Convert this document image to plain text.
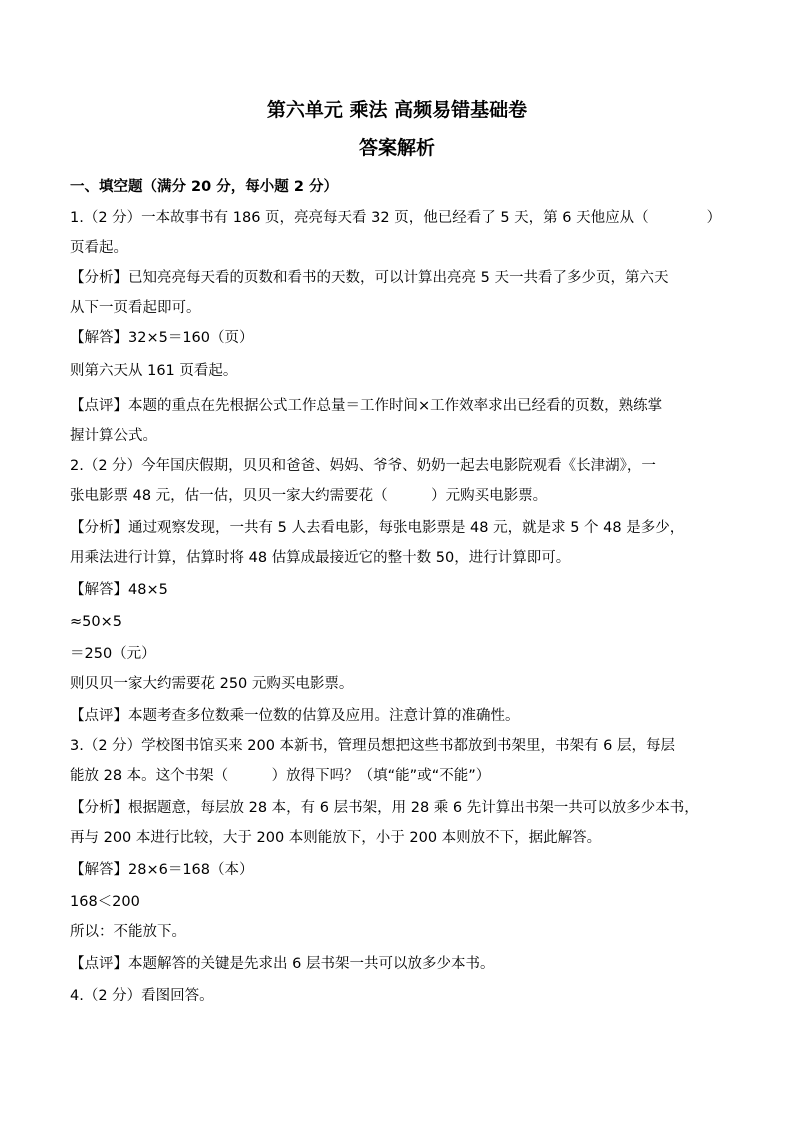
第六单元 乘法 高频易错基础卷
答案解析
一、填空题（满分 20 分，每小题 2 分）
1.（2 分）一本故事书有 186 页，亮亮每天看 32 页，他已经看了 5 天，第 6 天他应从（　　　　）
页看起。
【分析】已知亮亮每天看的页数和看书的天数，可以计算出亮亮 5 天一共看了多少页，第六天
从下一页看起即可。
【解答】32×5＝160（页）
则第六天从 161 页看起。
【点评】本题的重点在先根据公式工作总量＝工作时间×工作效率求出已经看的页数，熟练掌
握计算公式。
2.（2 分）今年国庆假期，贝贝和爸爸、妈妈、爷爷、奶奶一起去电影院观看《长津湖》，一
张电影票 48 元，估一估，贝贝一家大约需要花（　　　）元购买电影票。
【分析】通过观察发现，一共有 5 人去看电影，每张电影票是 48 元，就是求 5 个 48 是多少，
用乘法进行计算，估算时将 48 估算成最接近它的整十数 50，进行计算即可。
【解答】48×5
≈50×5
＝250（元）
则贝贝一家大约需要花 250 元购买电影票。
【点评】本题考查多位数乘一位数的估算及应用。注意计算的准确性。
3.（2 分）学校图书馆买来 200 本新书，管理员想把这些书都放到书架里，书架有 6 层，每层
能放 28 本。这个书架（　　　）放得下吗？（填“能”或“不能”）
【分析】根据题意，每层放 28 本，有 6 层书架，用 28 乘 6 先计算出书架一共可以放多少本书，
再与 200 本进行比较，大于 200 本则能放下，小于 200 本则放不下，据此解答。
【解答】28×6＝168（本）
168＜200
所以：不能放下。
【点评】本题解答的关键是先求出 6 层书架一共可以放多少本书。
4.（2 分）看图回答。
